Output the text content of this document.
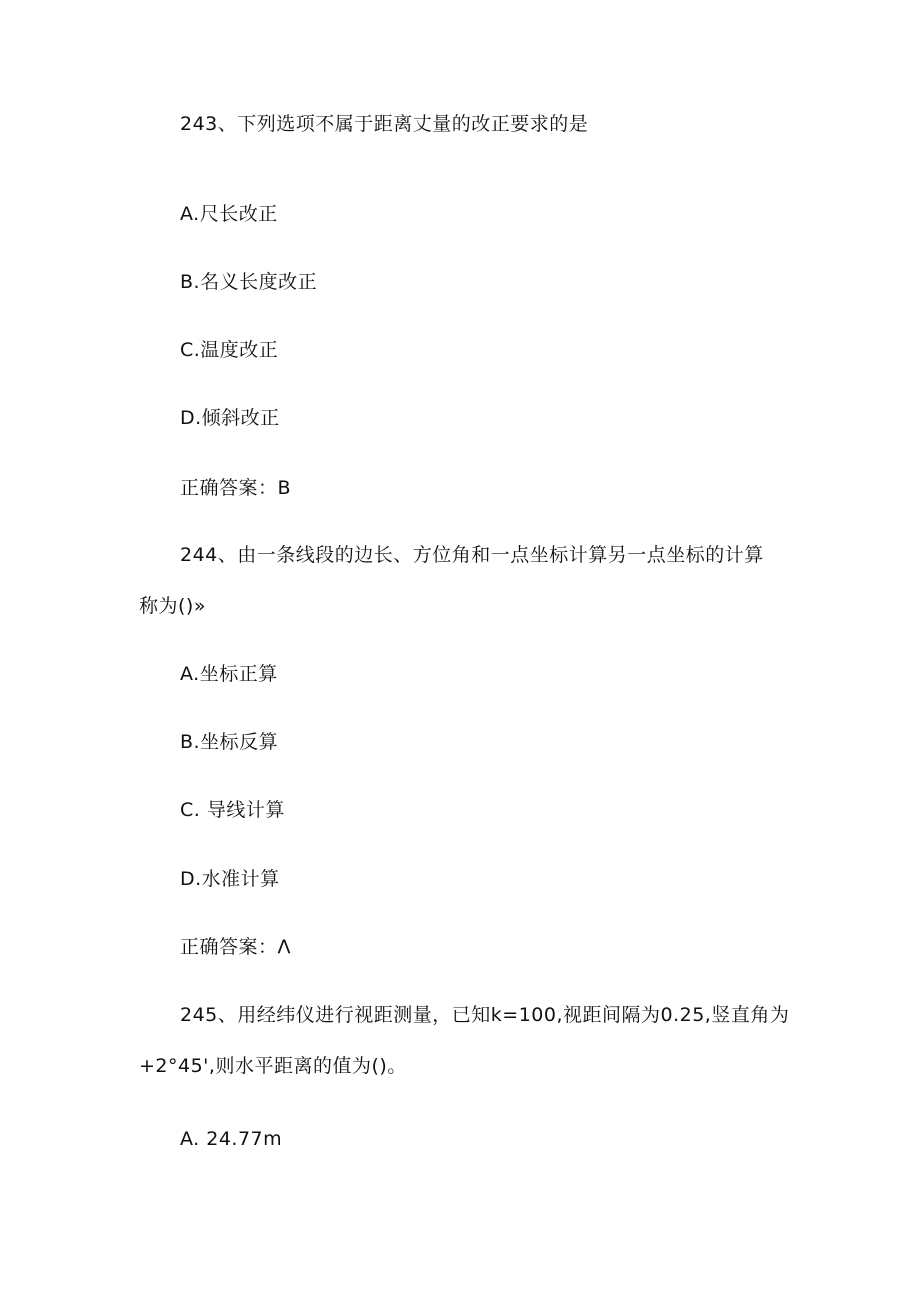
243、下列选项不属于距离丈量的改正要求的是
A.尺长改正
B.名义长度改正
C.温度改正
D.倾斜改正
正确答案：B
244、由一条线段的边长、方位角和一点坐标计算另一点坐标的计算
称为()»
A.坐标正算
B.坐标反算
C. 导线计算
D.水准计算
正确答案：Λ
245、用经纬仪进行视距测量，已知k=100,视距间隔为0.25,竖直角为
+2°45',则水平距离的值为()。
A. 24.77m
